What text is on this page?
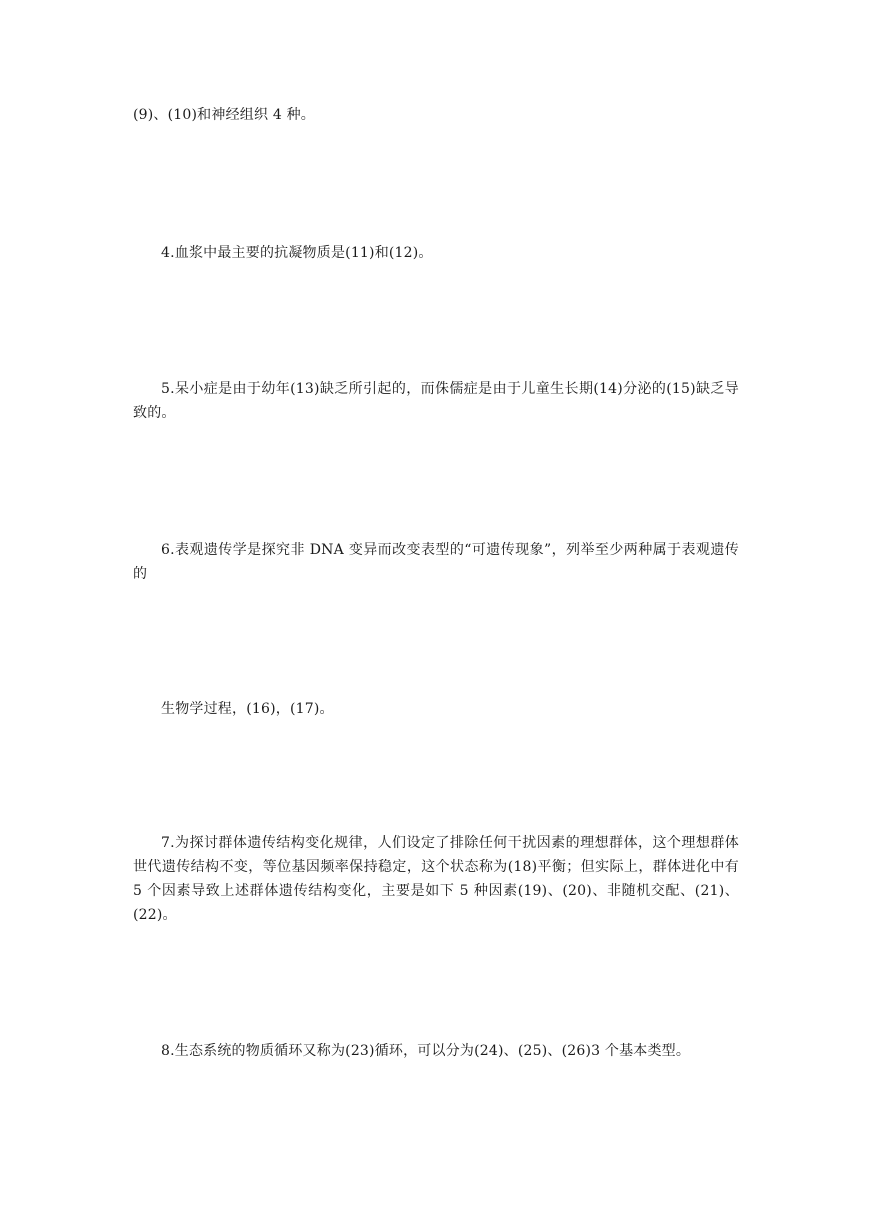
(9)、(10)和神经组织 4 种。

4.血浆中最主要的抗凝物质是(11)和(12)。

5.呆小症是由于幼年(13)缺乏所引起的，而侏儒症是由于儿童生长期(14)分泌的(15)缺乏导致的。

6.表观遗传学是探究非 DNA 变异而改变表型的“可遗传现象”，列举至少两种属于表观遗传的

生物学过程，(16)，(17)。

7.为探讨群体遗传结构变化规律，人们设定了排除任何干扰因素的理想群体，这个理想群体世代遗传结构不变，等位基因频率保持稳定，这个状态称为(18)平衡；但实际上，群体进化中有 5 个因素导致上述群体遗传结构变化，主要是如下 5 种因素(19)、(20)、非随机交配、(21)、(22)。

8.生态系统的物质循环又称为(23)循环，可以分为(24)、(25)、(26)3 个基本类型。
